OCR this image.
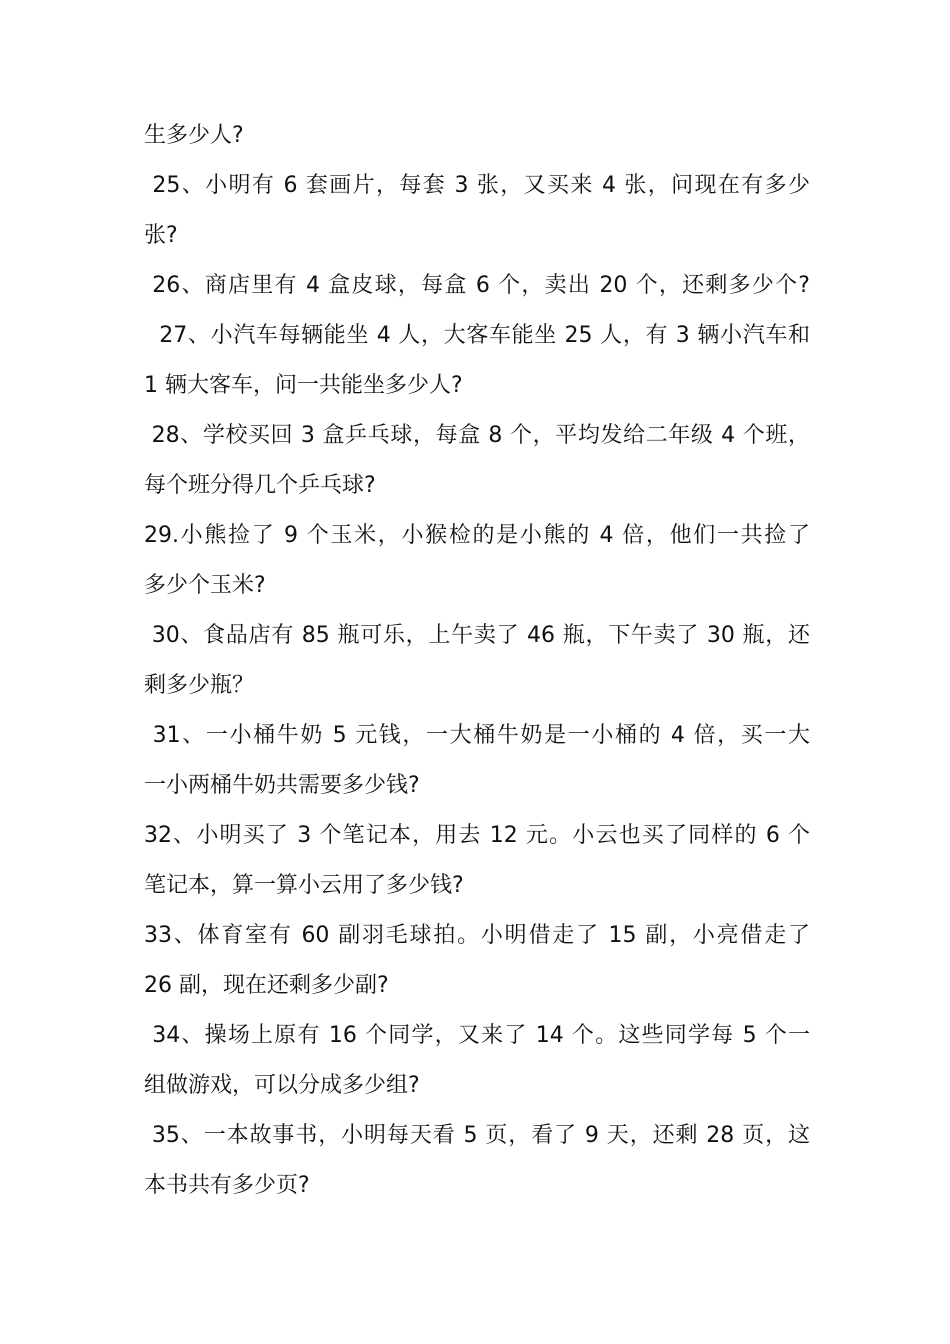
生多少人?
25、小明有 6 套画片，每套 3 张，又买来 4 张，问现在有多少
张?
26、商店里有 4 盒皮球，每盒 6 个，卖出 20 个，还剩多少个?
27、小汽车每辆能坐 4 人，大客车能坐 25 人，有 3 辆小汽车和
1 辆大客车，问一共能坐多少人?
28、学校买回 3 盒乒乓球，每盒 8 个，平均发给二年级 4 个班，
每个班分得几个乒乓球?
29.小熊捡了 9 个玉米，小猴检的是小熊的 4 倍，他们一共捡了
多少个玉米?
30、食品店有 85 瓶可乐，上午卖了 46 瓶，下午卖了 30 瓶，还
剩多少瓶？
31、一小桶牛奶 5 元钱，一大桶牛奶是一小桶的 4 倍，买一大
一小两桶牛奶共需要多少钱?
32、小明买了 3 个笔记本，用去 12 元。小云也买了同样的 6 个
笔记本，算一算小云用了多少钱?
33、体育室有 60 副羽毛球拍。小明借走了 15 副，小亮借走了
26 副，现在还剩多少副?
34、操场上原有 16 个同学，又来了 14 个。这些同学每 5 个一
组做游戏，可以分成多少组?
35、一本故事书，小明每天看 5 页，看了 9 天，还剩 28 页，这
本书共有多少页?
